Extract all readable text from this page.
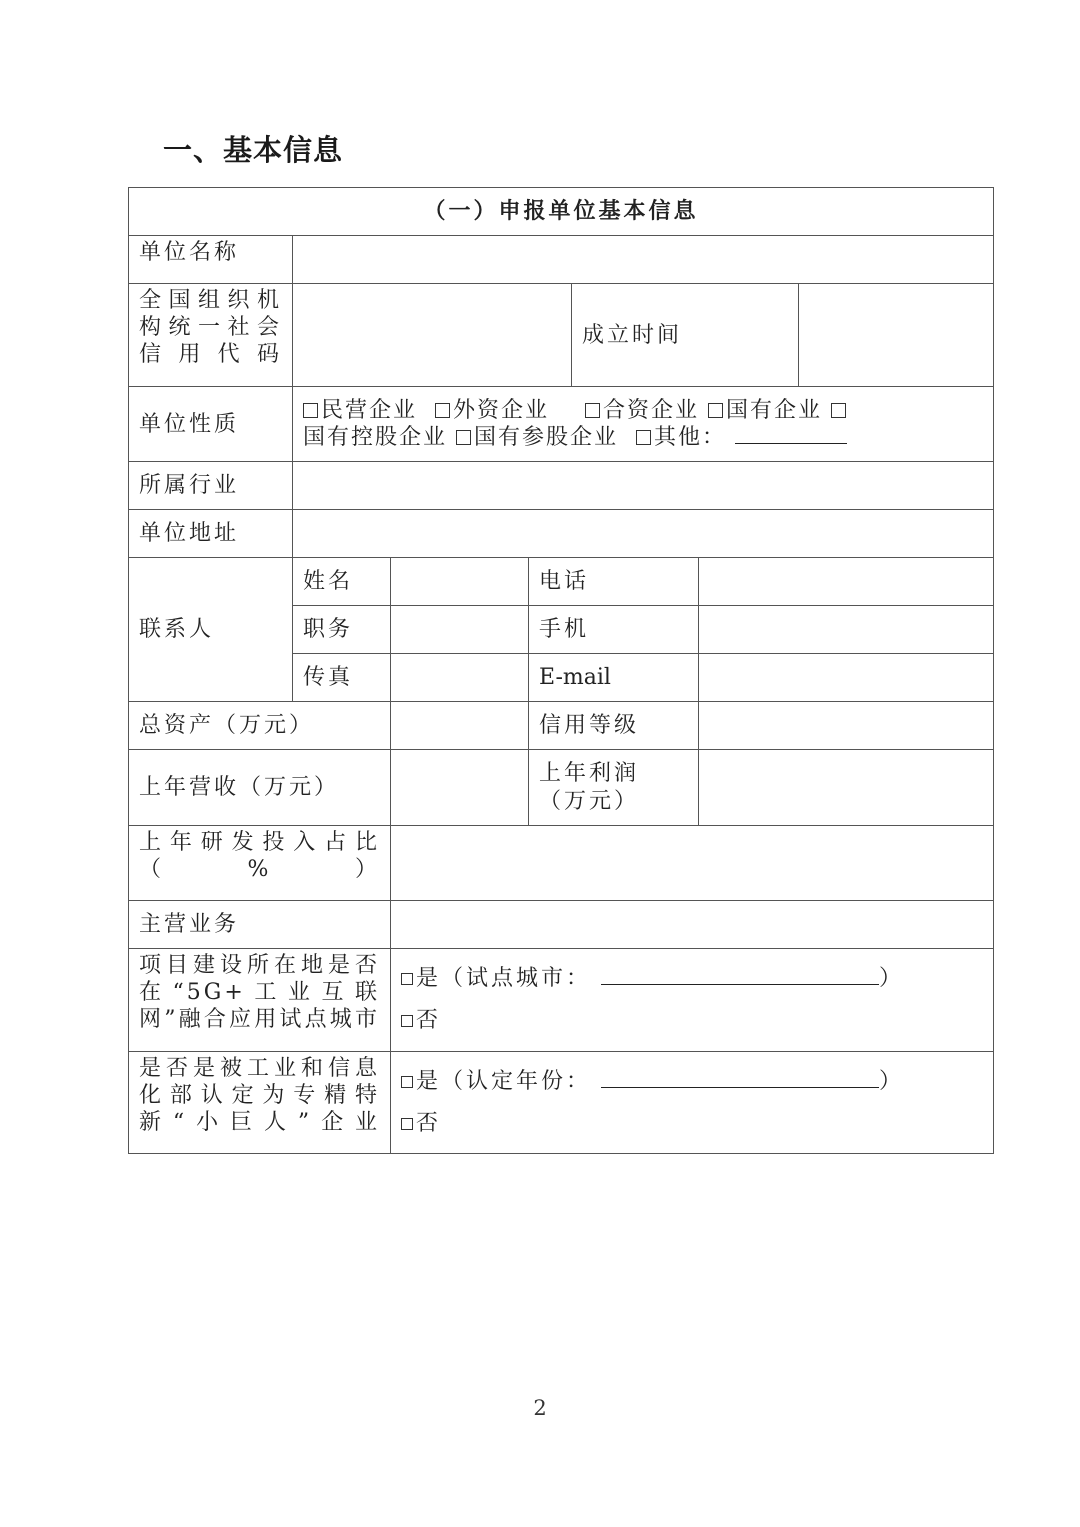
一、基本信息
（一）申报单位基本信息						
单位名称						
全国组织机构统一社会信用代码				成立时间		
单位性质	民营企业 外资企业 合资企业 国有企业
国有控股企业 国有参股企业 其他：					

所属行业						
单位地址						
联系人	姓名		电话			
	职务		手机			
	传真		E-mail			
总资产（万元）			信用等级			
上年营收（万元）			上年利润（万元）			
上年研发投入占比（%）						
主营业务						
项目建设所在地是否在“5G+工业互联网”融合应用试点城市		是（试点城市： ）
否				

是否是被工业和信息化部认定为专精特新“小巨人”企业		是（认定年份： ）
否				
2
